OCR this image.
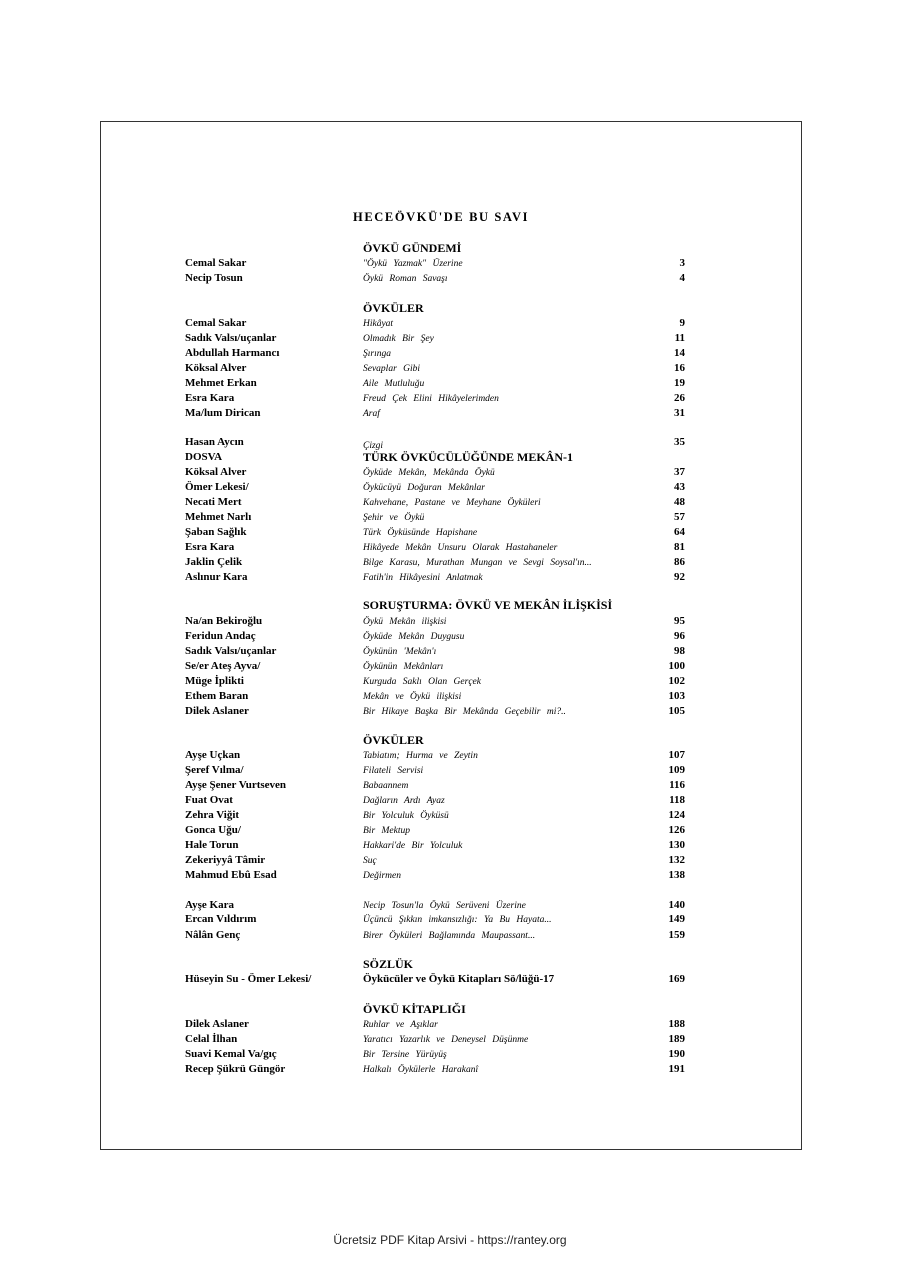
HECEÖVKÜ'DE BU SAVI
ÖVKÜ GÜNDEMİ
ÖVKÜLER
TÜRK ÖVKÜCÜLÜĞÜNDE MEKÂN-1
SORUŞTURMA: ÖVKÜ VE MEKÂN İLİŞKİSİ
ÖVKÜLER
SÖZLÜK
ÖVKÜ KİTAPLIĞI
Cemal Sakar	"Öykü Yazmak" Üzerine	3
Necip Tosun	Öykü Roman Savaşı	4
Cemal Sakar	Hikâyat	9
Sadık Valsı/uçanlar	Olmadık Bir Şey	11
Abdullah Harmancı	Şırınga	14
Köksal Alver	Sevaplar Gibi	16
Mehmet Erkan	Aile Mutluluğu	19
Esra Kara	Freud Çek Elini Hikâyelerimden	26
Ma/lum Dirican	Araf	31
Hasan Aycın	Çizgi	35
DOSVA
Köksal Alver	Öyküde Mekân, Mekânda Öykü	37
Ömer Lekesi/	Öykücüyü Doğuran Mekânlar	43
Necati Mert	Kahvehane, Pastane ve Meyhane Öyküleri	48
Mehmet Narlı	Şehir ve Öykü	57
Şaban Sağlık	Türk Öyküsünde Hapishane	64
Esra Kara	Hikâyede Mekân Unsuru Olarak Hastahaneler	81
Jaklin Çelik	Bilge Karasu, Murathan Mungan ve Sevgi Soysal'ın...	86
Aslınur Kara	Fatih'in Hikâyesini Anlatmak	92
Na/an Bekiroğlu	Öykü Mekân ilişkisi	95
Feridun Andaç	Öyküde Mekân Duygusu	96
Sadık Valsı/uçanlar	Öykünün 'Mekân'ı	98
Se/er Ateş Ayva/	Öykünün Mekânları	100
Müge İplikti	Kurguda Saklı Olan Gerçek	102
Ethem Baran	Mekân ve Öykü ilişkisi	103
Dilek Aslaner	Bir Hikaye Başka Bir Mekânda Geçebilir mi?..	105
Ayşe Uçkan	Tabiatım; Hurma ve Zeytin	107
Şeref Vılma/	Filateli Servisi	109
Ayşe Şener Vurtseven	Babaannem	116
Fuat Ovat	Dağların Ardı Ayaz	118
Zehra Viğit	Bir Yolculuk Öyküsü	124
Gonca Uğu/	Bir Mektup	126
Hale Torun	Hakkari'de Bir Yolculuk	130
Zekeriyyâ Tâmir	Suç	132
Mahmud Ebû Esad	Değirmen	138
Ayşe Kara	Necip Tosun'la Öykü Serüveni Üzerine	140
Ercan Vıldırım	Üçüncü Şıkkın imkansızlığı: Ya Bu Hayata...	149
Nâlân Genç	Birer Öyküleri Bağlamında Maupassant...	159
Hüseyin Su - Ömer Lekesi/	Öykücüler ve Öykü Kitapları Sö/lüğü-17	169
Dilek Aslaner	Ruhlar ve Aşıklar	188
Celal İlhan	Yaratıcı Yazarlık ve Deneysel Düşünme	189
Suavi Kemal Va/gıç	Bir Tersine Yürüyüş	190
Recep Şükrü Güngör	Halkalı Öykülerle Harakanî	191
Ücretsiz PDF Kitap Arsivi - https://rantey.org
